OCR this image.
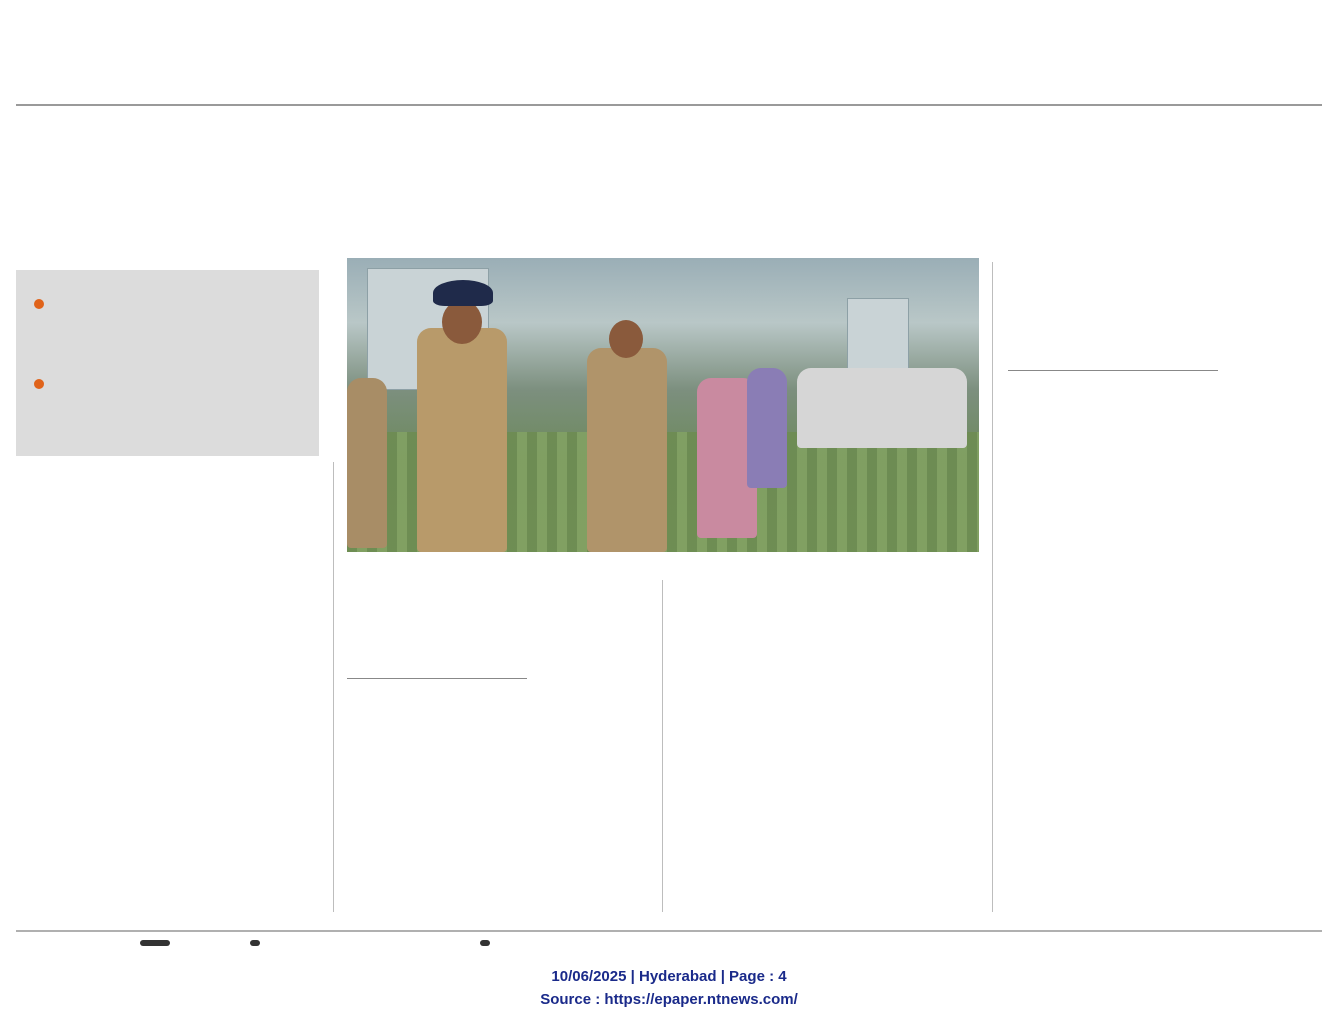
10/06/2025 | Hyderabad | Page : 4
Source : https://epaper.ntnews.com/
